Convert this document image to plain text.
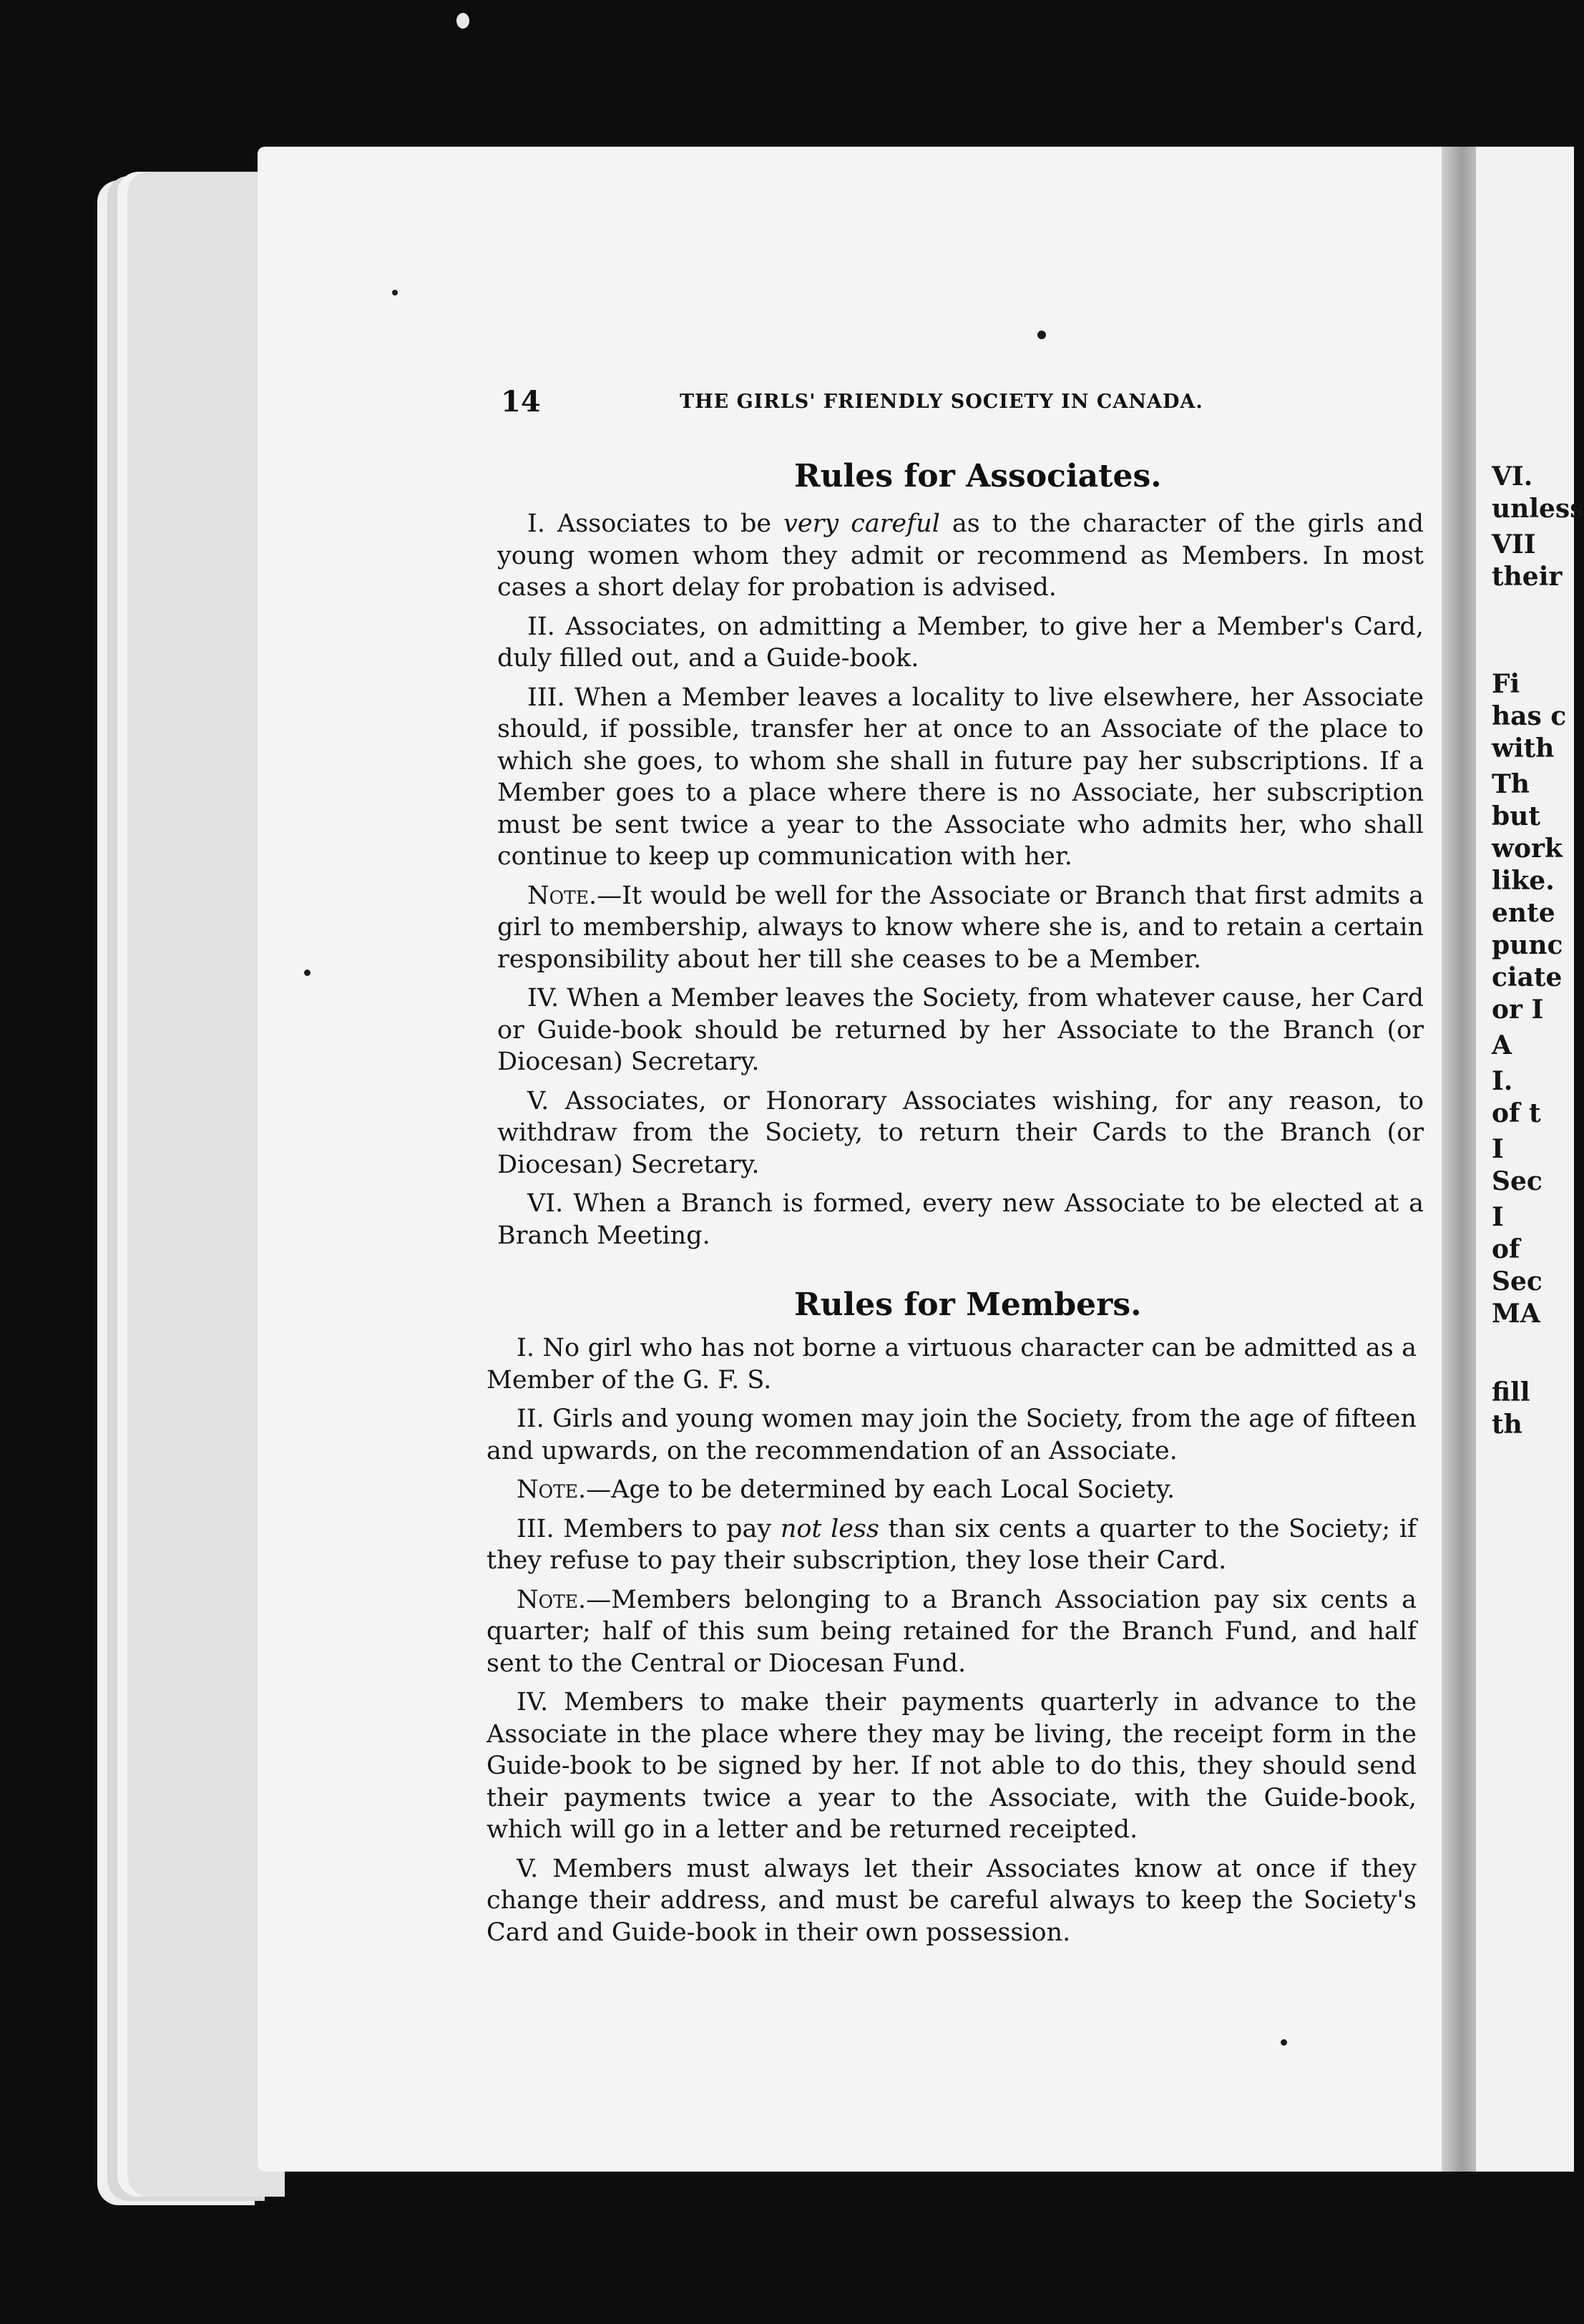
VI.
unless
VII
their
Fi
has c
with
Th
but
work
like.
ente
punc
ciate
or I
A
I.
of t
I
Sec
I
of
Sec
MA
fill
th
14	THE GIRLS' FRIENDLY SOCIETY IN CANADA.
Rules for Associates.

I. Associates to be very careful as to the character of the girls and young women whom they admit or recommend as Members. In most cases a short delay for probation is advised.

II. Associates, on admitting a Member, to give her a Member's Card, duly filled out, and a Guide-book.

III. When a Member leaves a locality to live elsewhere, her Associate should, if possible, transfer her at once to an Associate of the place to which she goes, to whom she shall in future pay her subscriptions. If a Member goes to a place where there is no Associate, her subscription must be sent twice a year to the Associate who admits her, who shall continue to keep up communication with her.

Note.—It would be well for the Associate or Branch that first admits a girl to membership, always to know where she is, and to retain a certain responsibility about her till she ceases to be a Member.

IV. When a Member leaves the Society, from whatever cause, her Card or Guide-book should be returned by her Associate to the Branch (or Diocesan) Secretary.

V. Associates, or Honorary Associates wishing, for any reason, to withdraw from the Society, to return their Cards to the Branch (or Diocesan) Secretary.

VI. When a Branch is formed, every new Associate to be elected at a Branch Meeting.

Rules for Members.

I. No girl who has not borne a virtuous character can be admitted as a Member of the G. F. S.

II. Girls and young women may join the Society, from the age of fifteen and upwards, on the recommendation of an Associate.

Note.—Age to be determined by each Local Society.

III. Members to pay not less than six cents a quarter to the Society; if they refuse to pay their subscription, they lose their Card.

Note.—Members belonging to a Branch Association pay six cents a quarter; half of this sum being retained for the Branch Fund, and half sent to the Central or Diocesan Fund.

IV. Members to make their payments quarterly in advance to the Associate in the place where they may be living, the receipt form in the Guide-book to be signed by her. If not able to do this, they should send their payments twice a year to the Associate, with the Guide-book, which will go in a letter and be returned receipted.

V. Members must always let their Associates know at once if they change their address, and must be careful always to keep the Society's Card and Guide-book in their own possession.
